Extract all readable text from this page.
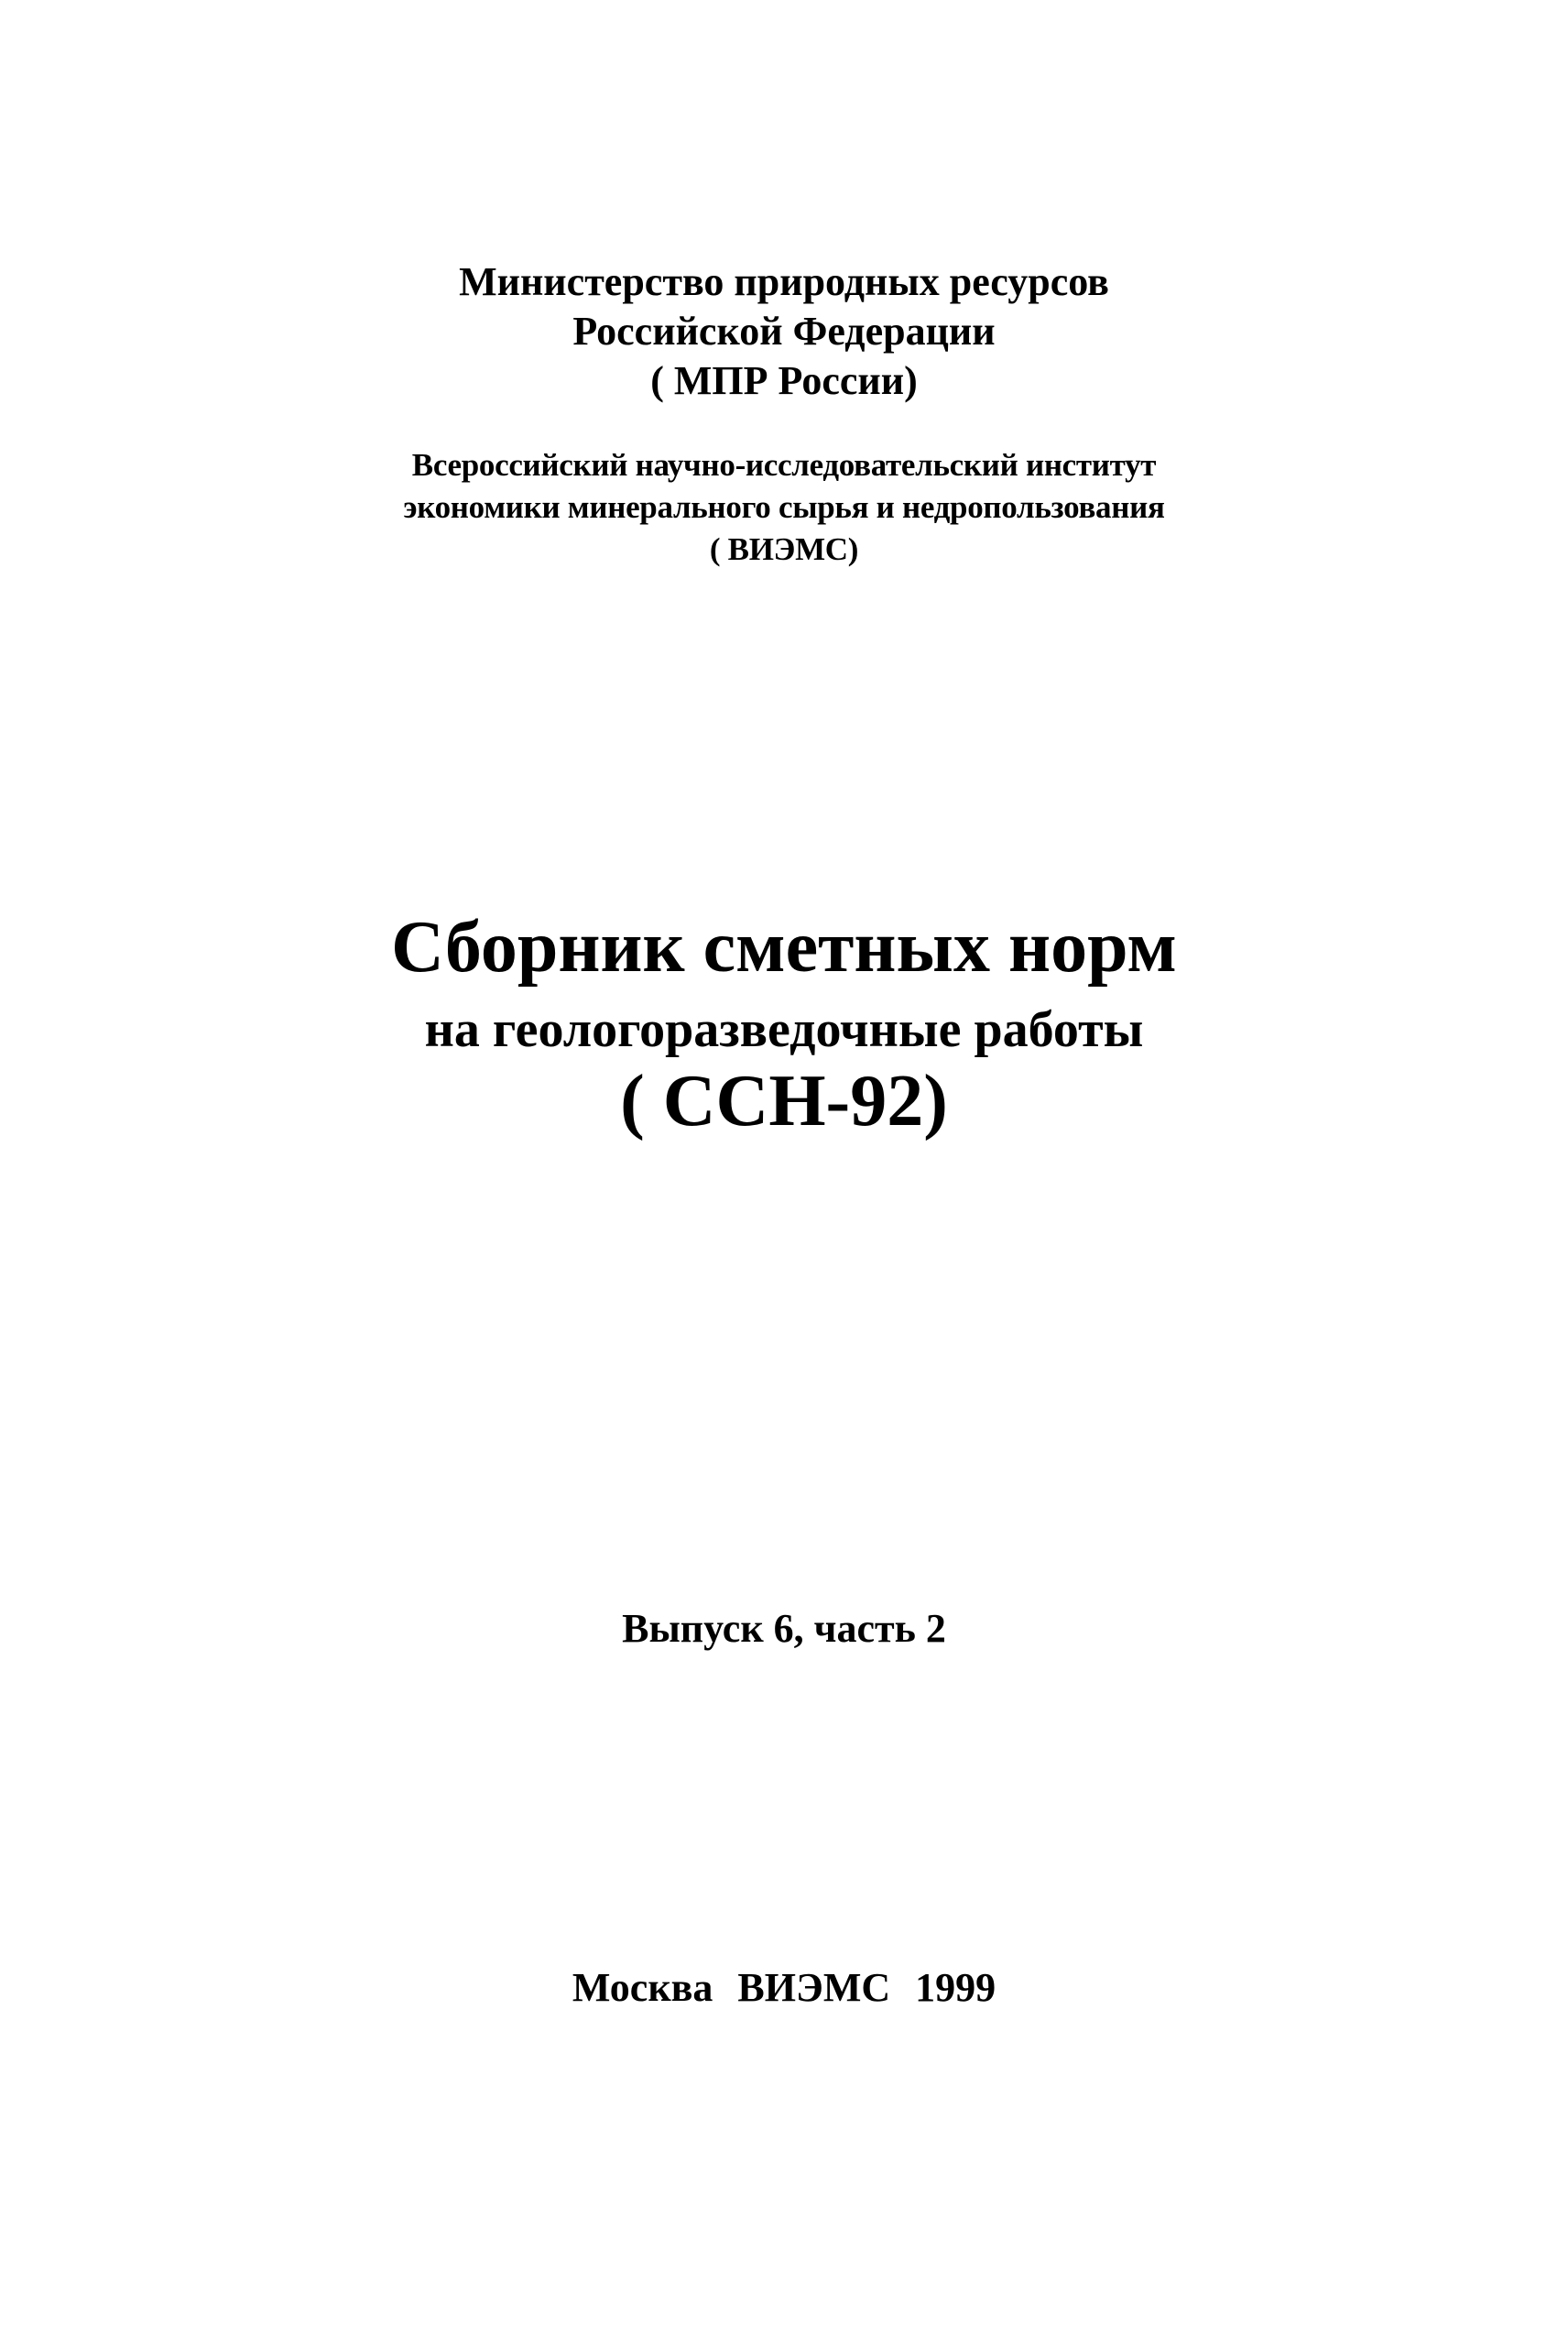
Министерство природных ресурсов
Российской Федерации
( МПР России)
Всероссийский научно-исследовательский институт
экономики минерального сырья и недропользования
( ВИЭМС)
Сборник сметных норм
на геологоразведочные работы
( ССН-92)
Выпуск 6, часть 2
Москва ВИЭМС 1999
